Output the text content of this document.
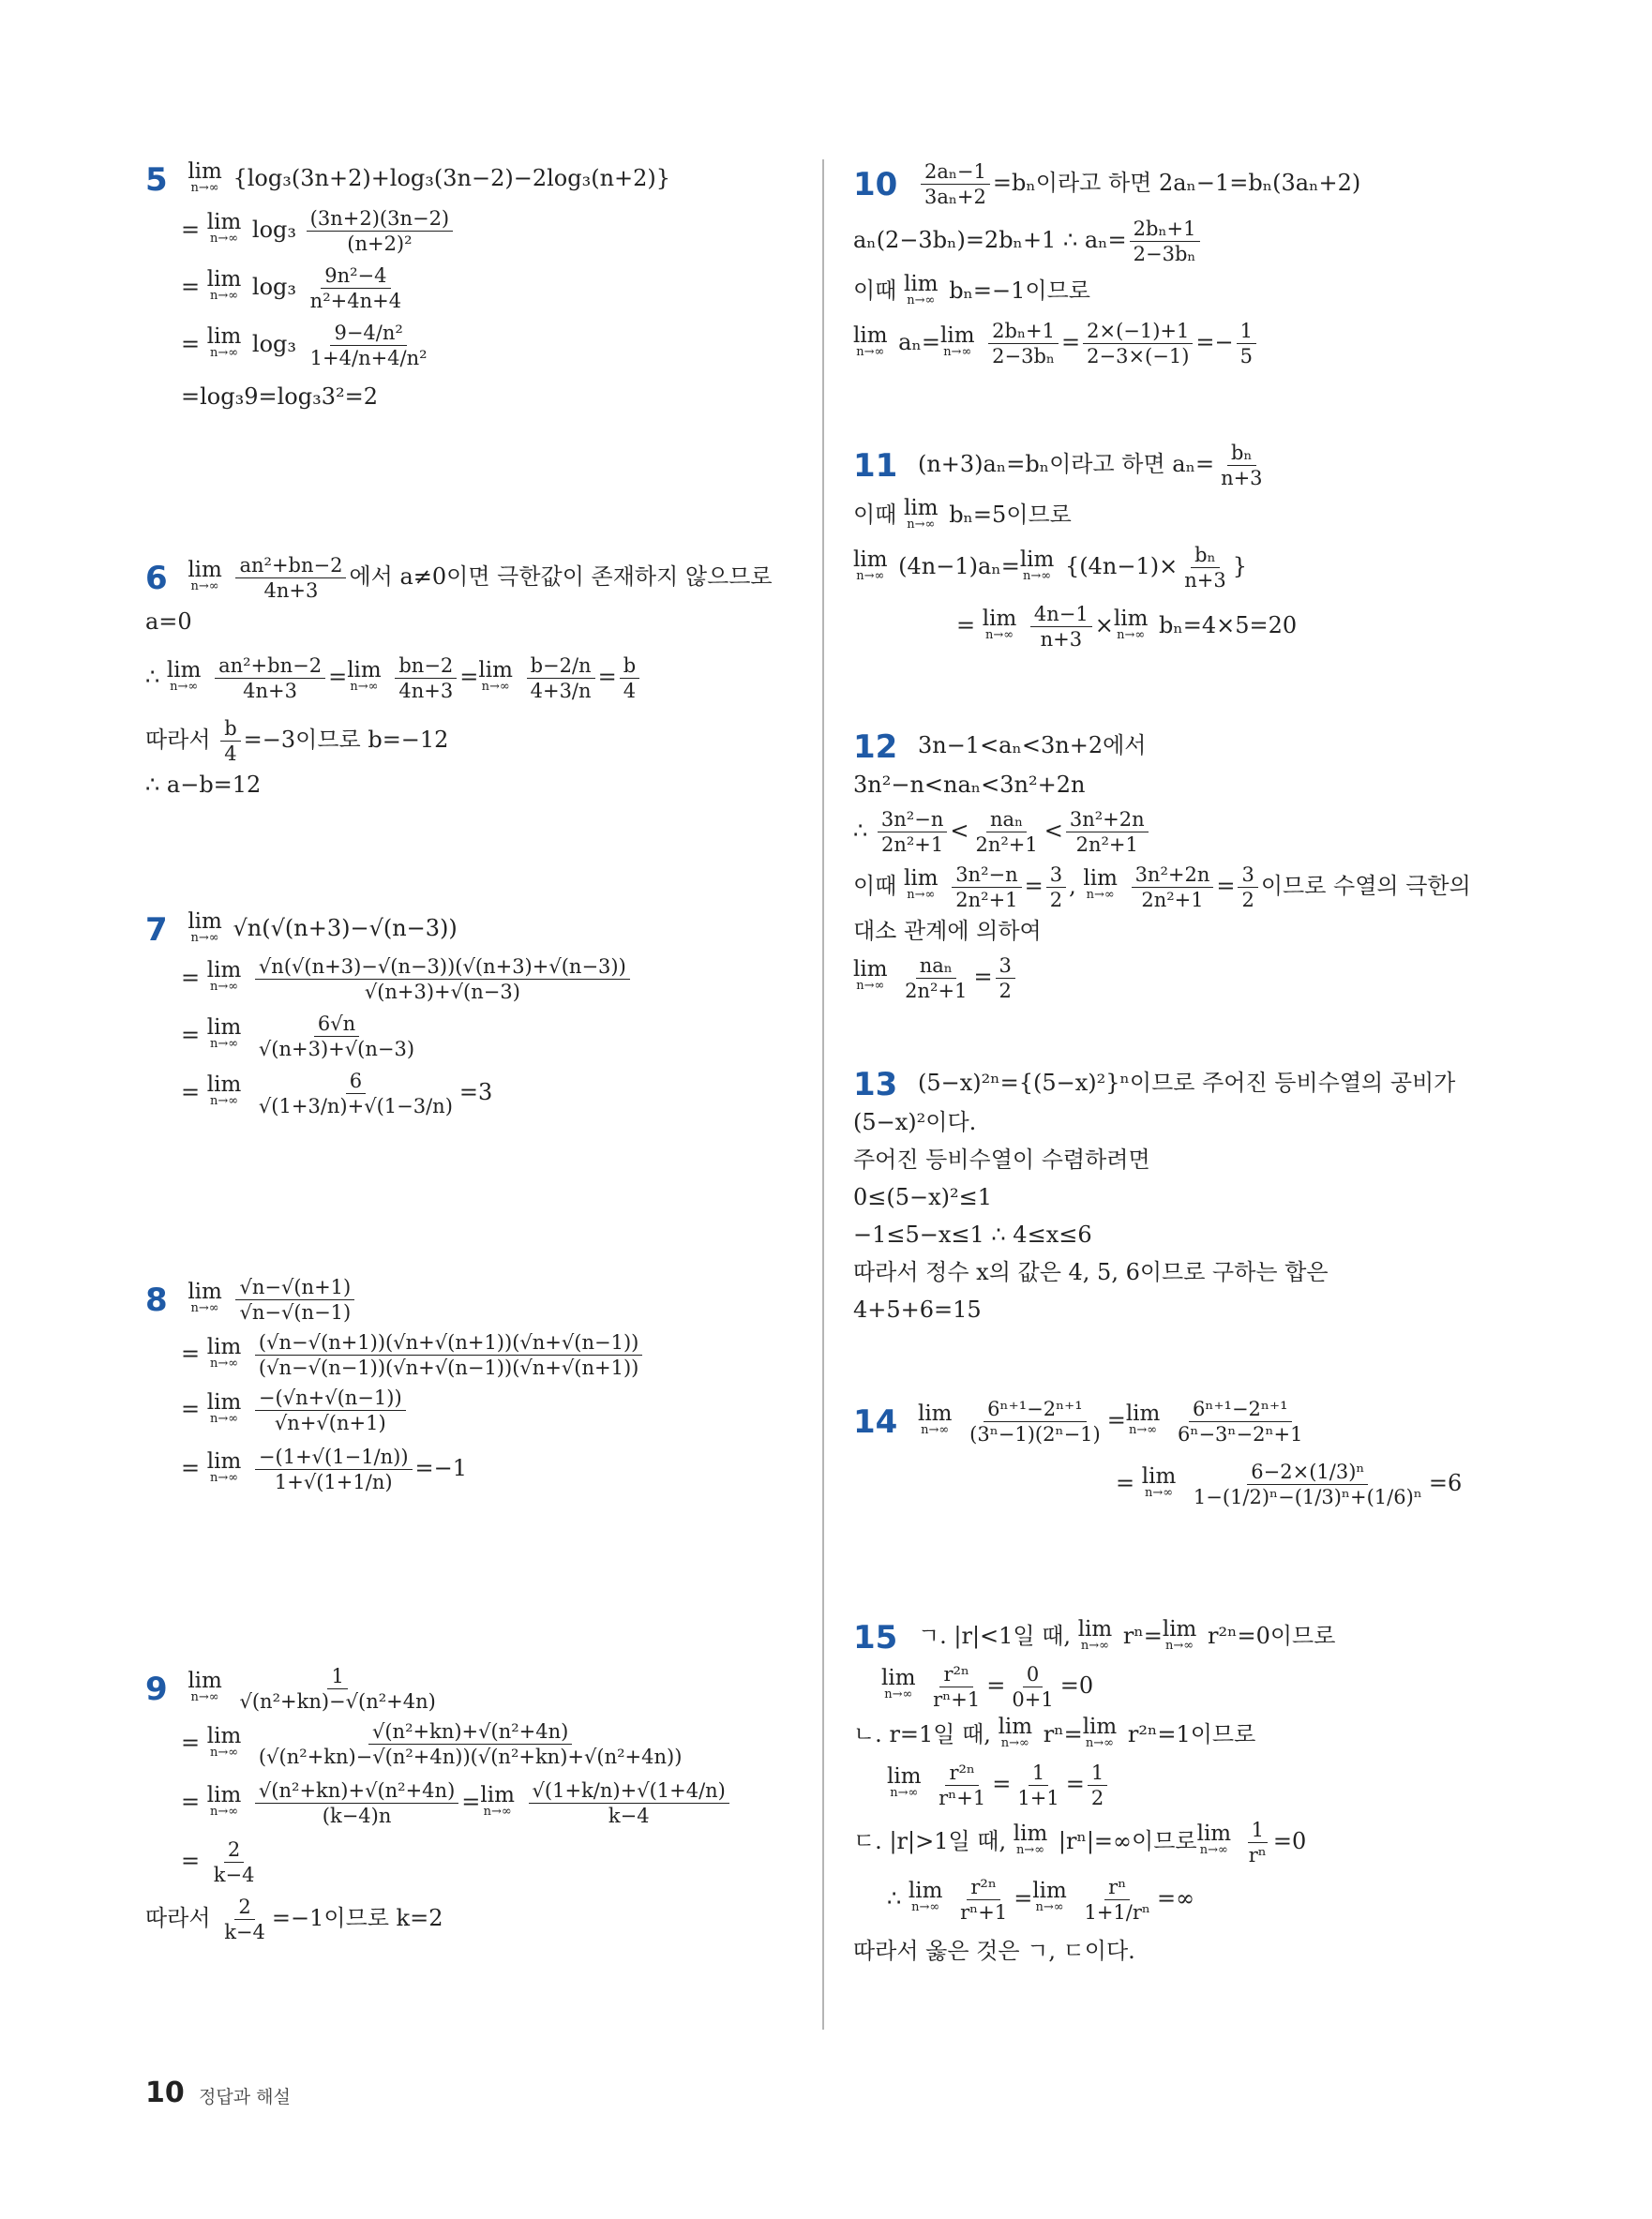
5 lim
n→∞ {log₃(3n+2)+log₃(3n−2)−2log₃(n+2)}
= lim
n→∞ $\log_3 \frac{(3n+2)(3n-2)}{\text{(n+2)²}}$
= lim
n→∞ $\log_3 \frac{\text{9n²−4}}{\text{n²+4n+4}}$
= lim
n→∞ $\log_3 \frac{\text{9−4/n²}}{\text{1+4/n+4/n²}}$
=log₃9=log₃3²=2
6 lim
n→∞
$\frac{\text{an²+bn−2}}{4n+3}$ 에서 a≠0이면 극한값이 존재하지 않으므로
a=0
∴ lim
n→∞
$\frac{\text{an²+bn−2}}{4n+3} = \lim$
n→∞
$\frac{bn-2}{4n+3} = \lim$
n→∞
$\frac{b-2/n}{4+3/n} = \frac{b}{4}$
따라서 $\frac{b}{4} =-3$이므로 b=−12
∴ a−b=12
7 lim
n→∞ √n(√(n+3)−√(n−3))
= lim
n→∞
$\frac{√n(√(n+3)-√(n-3))(√(n+3)+√(n-3))}{√(n+3)+√(n-3)}$
= lim
n→∞
$\frac{6√n}{√(n+3)+√(n-3)}$
= lim
n→∞
$\frac{6}{√(1+3/n)+√(1-3/n)} =3$
8 lim
n→∞
$\frac{√n-√(n+1)}{√n-√(n-1)}$
= lim
n→∞
$\frac{(√n-√(n+1))(√n+√(n+1))(√n+√(n-1))}{(√n-√(n-1))(√n+√(n-1))(√n+√(n+1))}$
= lim
n→∞
$\frac{-(√n+√(n-1))}{√n+√(n+1)}$
= lim
n→∞
$\frac{-(1+√(1-1/n))}{1+√(1+1/n)} =-1$
9 lim
n→∞
$\frac{1}{\text{√(n²+kn)−√(n²+4n)}}$
= lim
n→∞
$\frac{\text{√(n²+kn)+√(n²+4n)}}{\text{(√(n²+kn)−√(n²+4n))(√(n²+kn)+√(n²+4n))}}$
= lim
n→∞
$\frac{\text{√(n²+kn)+√(n²+4n)}}{(k-4)n} = \lim$
n→∞
$\frac{√(1+k/n)+√(1+4/n)}{k-4}$
= $\frac{2}{k-4}$
따라서 $\frac{2}{k-4} =-1$이므로 k=2
$10 \frac{\text{2aₙ−1}}{\text{3aₙ+2}} =b_n$이라고 하면 2aₙ−1=bₙ(3aₙ+2)
aₙ(2−3bₙ)=2bₙ+1 ∴ $a_n= \frac{\text{2bₙ+1}}{\text{2−3bₙ}}$
이때 lim
n→∞ bₙ=−1이므로
lim
n→∞ aₙ= lim
n→∞
$\frac{\text{2bₙ+1}}{\text{2−3bₙ}} = \frac{2\times(-1)+1}{2-3\times(-1)} =- \frac{1}{5}$
11 (n+3)aₙ=bₙ이라고 하면 $a_n= \frac{\text{bₙ}}{n+3}$
이때 lim
n→∞ bₙ=5이므로
lim
n→∞ (4n−1)aₙ= lim
n→∞ {$(4n-1)\times \frac{\text{bₙ}}{n+3}$ }
= lim
n→∞
$\frac{4n-1}{n+3} \times \lim$
n→∞ bₙ=4×5=20
12 3n−1<aₙ<3n+2에서
3n²−n<naₙ<3n²+2n
∴ $\frac{\text{3n²−n}}{\text{2n²+1}} < \frac{\text{naₙ}}{\text{2n²+1}} < \frac{\text{3n²+2n}}{\text{2n²+1}}$
이때 lim
n→∞
$\frac{\text{3n²−n}}{\text{2n²+1}} = \frac{3}{2}$ , lim
n→∞
$\frac{\text{3n²+2n}}{\text{2n²+1}} = \frac{3}{2}$ 이므로 수열의 극한의
대소 관계에 의하여
lim
n→∞
$\frac{\text{naₙ}}{\text{2n²+1}} = \frac{3}{2}$
13 (5−x)²ⁿ={(5−x)²}ⁿ이므로 주어진 등비수열의 공비가
(5−x)²이다.
주어진 등비수열이 수렴하려면
0≤(5−x)²≤1
−1≤5−x≤1 ∴ 4≤x≤6
따라서 정수 x의 값은 4, 5, 6이므로 구하는 합은
4+5+6=15
14 lim
n→∞
$\frac{\text{6ⁿ⁺¹−2ⁿ⁺¹}}{\text{(3ⁿ−1)(2ⁿ−1)}} = \lim$
n→∞
$\frac{\text{6ⁿ⁺¹−2ⁿ⁺¹}}{\text{6ⁿ−3ⁿ−2ⁿ+1}}$
= lim
n→∞
$\frac{\text{6−2×(1/3)ⁿ}}{\text{1−(1/2)ⁿ−(1/3)ⁿ+(1/6)ⁿ}} =6$
15 ㄱ. |r|<1일 때, lim
n→∞ rⁿ= lim
n→∞ r²ⁿ=0이므로
lim
n→∞
$\frac{\text{r²ⁿ}}{\text{rⁿ+1}} = \frac{0}{0+1} =0$
ㄴ. r=1일 때, lim
n→∞ rⁿ= lim
n→∞ r²ⁿ=1이므로
lim
n→∞
$\frac{\text{r²ⁿ}}{\text{rⁿ+1}} = \frac{1}{1+1} = \frac{1}{2}$
ㄷ. |r|>1일 때, lim
n→∞ |rⁿ|=∞이므로 lim
n→∞
$\frac{1}{\text{rⁿ}} =0$
∴ lim
n→∞
$\frac{\text{r²ⁿ}}{\text{rⁿ+1}} = \lim$
n→∞
$\frac{\text{rⁿ}}{\text{1+1/rⁿ}}$ =∞
따라서 옳은 것은 ㄱ, ㄷ이다.
10 정답과 해설
